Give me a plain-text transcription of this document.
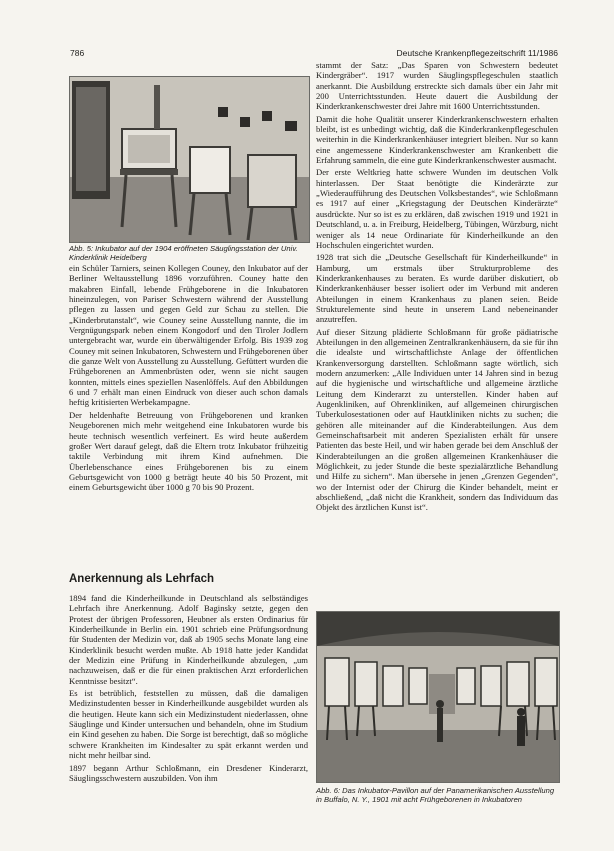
786	Deutsche Krankenpflegezeitschrift 11/1986
Abb. 5: Inkubator auf der 1904 eröffneten Säuglingsstation der Univ. Kinderklinik Heidelberg

ein Schüler Tarniers, seinen Kollegen Couney, den Inkubator auf der Berliner Weltausstellung 1896 vorzuführen. Couney hatte den makabren Einfall, lebende Frühgeborene in die Inkubatoren hineinzulegen, von Pariser Schwestern während der Ausstellung pflegen zu lassen und gegen Geld zur Schau zu stellen. Die „Kinderbrutanstalt“, wie Couney seine Ausstellung nannte, die im Vergnügungspark neben einem Kongodorf und den Tiroler Jodlern untergebracht war, wurde ein überwältigender Erfolg. Bis 1939 zog Couney mit seinen Inkubatoren, Schwestern und Frühgeborenen über die ganze Welt von Ausstellung zu Ausstellung. Gefüttert wurden die Frühgeborenen an Ammenbrüsten oder, wenn sie nicht saugen konnten, mittels eines speziellen Nasenlöffels. Auf den Abbildungen 6 und 7 erhält man einen Eindruck von dieser auch schon damals heftig kritisierten Werbekampagne.

Der heldenhafte Betreuung von Frühgeborenen und kranken Neugeborenen mich mehr weitgehend eine Inkubatoren wurde bis heute technisch wesentlich verfeinert. Es wird heute außerdem großer Wert darauf gelegt, daß die Eltern trotz Inkubator frühzeitig taktile Verbindung mit ihrem Kind aufnehmen. Die Überlebenschance eines Frühgeborenen bis zu einem Geburtsgewicht von 1000 g beträgt heute 40 bis 50 Prozent, mit einem Geburtsgewicht über 1000 g 70 bis 90 Prozent.

Anerkennung als Lehrfach

1894 fand die Kinderheilkunde in Deutschland als selbständiges Lehrfach ihre Anerkennung. Adolf Baginsky setzte, gegen den Protest der übrigen Professoren, Heubner als ersten Ordinarius für Kinderheilkunde in Berlin ein. 1901 schrieb eine Prüfungsordnung für Studenten der Medizin vor, daß ab 1905 sechs Monate lang eine Kinderklinik besucht werden mußte. Ab 1918 hatte jeder Kandidat der Medizin eine Prüfung in Kinderheilkunde abzulegen, „um nachzuweisen, daß er die für einen praktischen Arzt erforderlichen Kenntnisse besitzt“.

Es ist betrüblich, feststellen zu müssen, daß die damaligen Medizinstudenten besser in Kinderheilkunde ausgebildet wurden als die heutigen. Heute kann sich ein Medizinstudent niederlassen, ohne Säuglinge und Kinder untersuchen und behandeln, ohne im Studium ein Kind gesehen zu haben. Die Sorge ist berechtigt, daß so mögliche schwere Krankheiten im Kindesalter zu spät erkannt werden und nicht mehr heilbar sind.

1897 begann Arthur Schloßmann, ein Dresdener Kinderarzt, Säuglingsschwestern auszubilden. Von ihm

stammt der Satz: „Das Sparen von Schwestern bedeutet Kindergräber“. 1917 wurden Säuglingspflegeschulen staatlich anerkannt. Die Ausbildung erstreckte sich damals über ein Jahr mit 200 Unterrichtsstunden. Heute dauert die Ausbildung der Kinderkrankenschwester drei Jahre mit 1600 Unterrichtsstunden.

Damit die hohe Qualität unserer Kinderkrankenschwestern erhalten bleibt, ist es unbedingt wichtig, daß die Kinderkrankenpflegeschulen weiterhin in die Kinderkrankenhäuser integriert bleiben. Nur so kann eine angemessene Kinderkrankenschwester am Krankenbett die Erfahrung sammeln, die eine gute Kinderkrankenschwester ausmacht.

Der erste Weltkrieg hatte schwere Wunden im deutschen Volk hinterlassen. Der Staat benötigte die Kinderärzte zur „Wiederaufführung des Deutschen Volksbestandes“, wie Schloßmann es 1917 auf einer „Kriegstagung der Deutschen Kinderärzte“ ausdrückte. Nur so ist es zu erklären, daß zwischen 1919 und 1921 in Deutschland, u. a. in Freiburg, Heidelberg, Tübingen, Würzburg, nicht weniger als 14 neue Ordinariate für Kinderheilkunde an den Hochschulen eingerichtet wurden.

1928 trat sich die „Deutsche Gesellschaft für Kinderheilkunde“ in Hamburg, um erstmals über Strukturprobleme des Kinderkrankenhauses zu beraten. Es wurde darüber diskutiert, ob Kinderkrankenhäuser besser isoliert oder im Verbund mit anderen Abteilungen in einem Krankenhaus zu planen seien. Beide Strukturelemente sind heute in unserem Land nebeneinander anzutreffen.

Auf dieser Sitzung plädierte Schloßmann für große pädiatrische Abteilungen in den allgemeinen Zentralkrankenhäusern, da sie für ihn die idealste und wirtschaftlichste Anlage der öffentlichen Krankenversorgung darstellten. Schloßmann sagte wörtlich, sich modern anzumerken: „Alle Individuen unter 14 Jahren sind in bezug auf die hygienische und wirtschaftliche und allgemeine ärztliche Leitung dem Kinderarzt zu unterstellen. Kinder haben auf Augenkliniken, auf Ohrenkliniken, auf allgemeinen chirurgischen Tuberkulosestationen oder auf Hautkliniken nichts zu suchen; die gehören alle miteinander auf die Kinderabteilungen. Aus dem Gemeinschaftsarbeit mit anderen Spezialisten erhält für unsere Patienten das beste Heil, und wir haben gerade bei dem Anschluß der Kinderabteilungen an die großen allgemeinen Krankenhäuser die Möglichkeit, zu jeder Stunde die beste spezialärztliche Behandlung und Hilfe zu sichern“. Man übersehe in jenen „Grenzen Gegenden“, wo der Internist oder der Chirurg die Kinder behandelt, meint er abschließend, „daß nicht die Krankheit, sondern das Individuum das Objekt des ärztlichen Kunst ist“.

Abb. 6: Das Inkubator-Pavillon auf der Panamerikanischen Ausstellung in Buffalo, N. Y., 1901 mit acht Frühgeborenen in Inkubatoren
